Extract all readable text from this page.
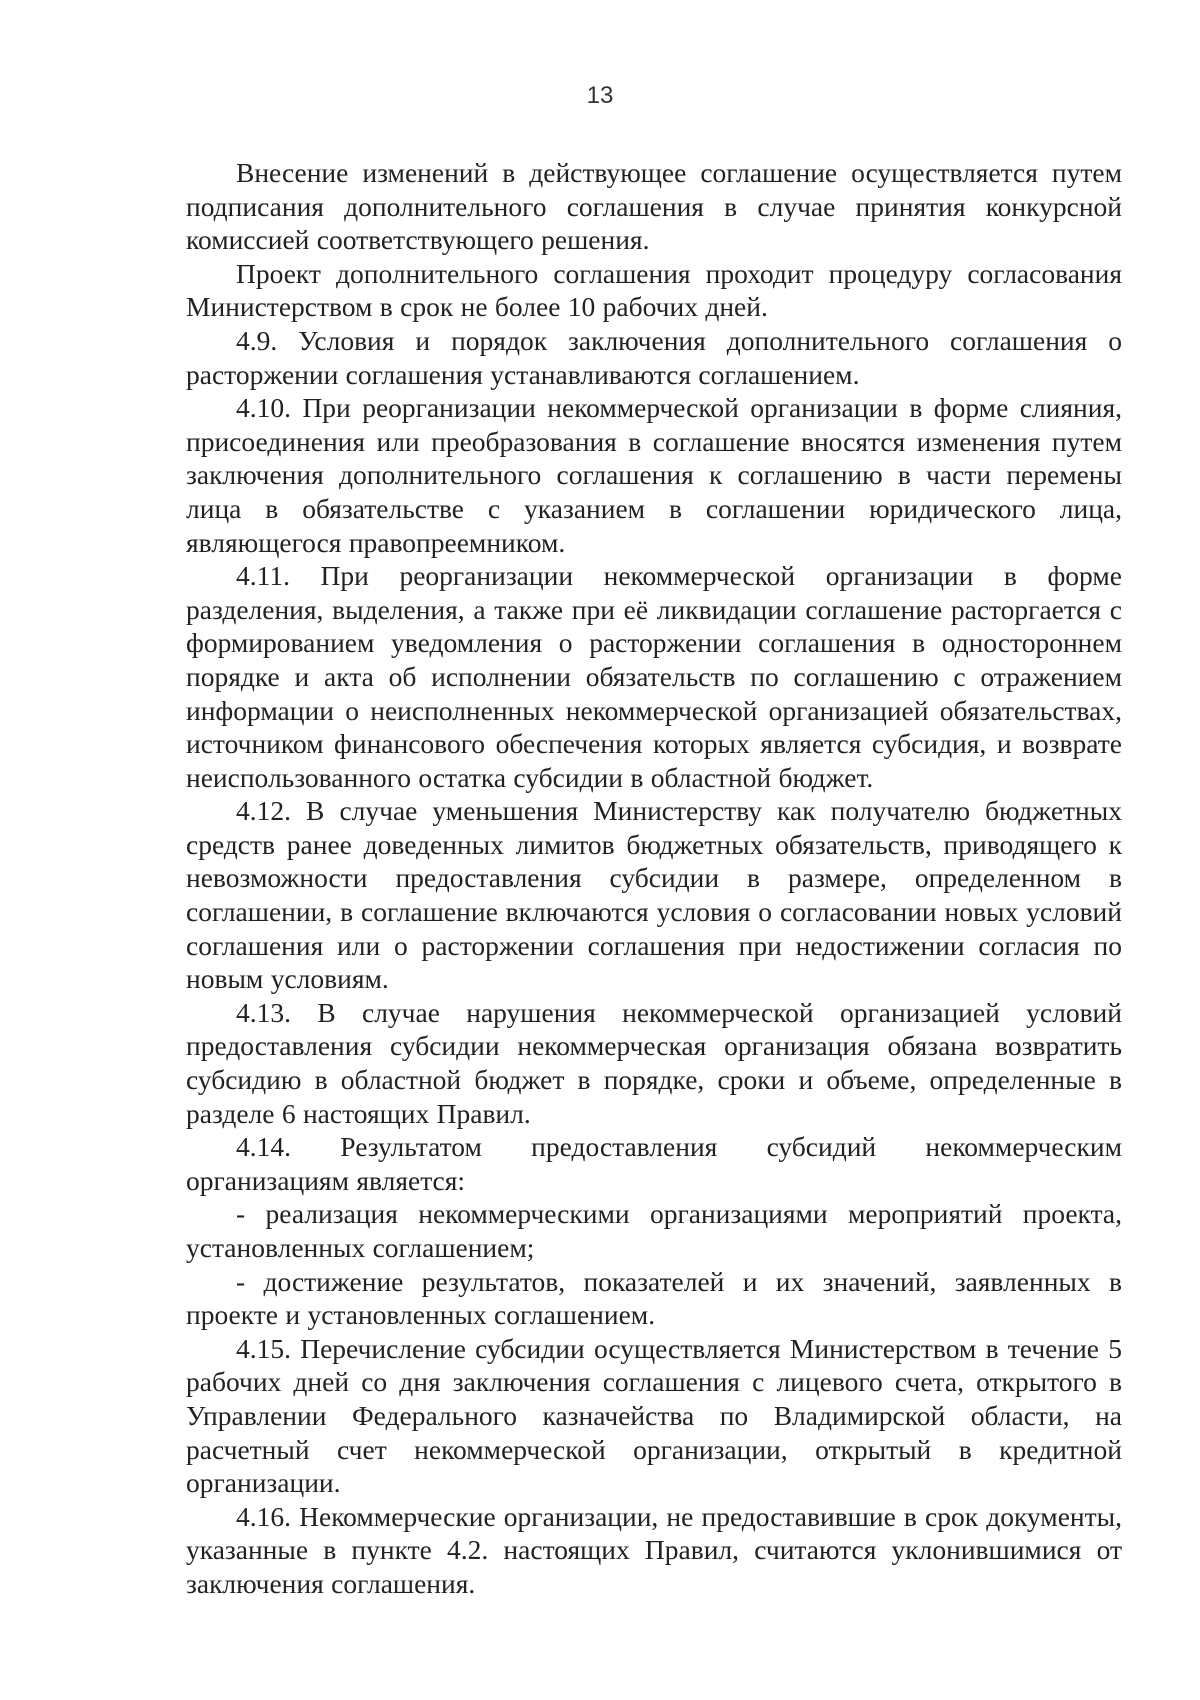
13

Внесение изменений в действующее соглашение осуществляется путем подписания дополнительного соглашения в случае принятия конкурсной комиссией соответствующего решения.

Проект дополнительного соглашения проходит процедуру согласования Министерством в срок не более 10 рабочих дней.

4.9. Условия и порядок заключения дополнительного соглашения о расторжении соглашения устанавливаются соглашением.

4.10. При реорганизации некоммерческой организации в форме слияния, присоединения или преобразования в соглашение вносятся изменения путем заключения дополнительного соглашения к соглашению в части перемены лица в обязательстве с указанием в соглашении юридического лица, являющегося правопреемником.

4.11. При реорганизации некоммерческой организации в форме разделения, выделения, а также при её ликвидации соглашение расторгается с формированием уведомления о расторжении соглашения в одностороннем порядке и акта об исполнении обязательств по соглашению с отражением информации о неисполненных некоммерческой организацией обязательствах, источником финансового обеспечения которых является субсидия, и возврате неиспользованного остатка субсидии в областной бюджет.

4.12. В случае уменьшения Министерству как получателю бюджетных средств ранее доведенных лимитов бюджетных обязательств, приводящего к невозможности предоставления субсидии в размере, определенном в соглашении, в соглашение включаются условия о согласовании новых условий соглашения или о расторжении соглашения при недостижении согласия по новым условиям.

4.13. В случае нарушения некоммерческой организацией условий предоставления субсидии некоммерческая организация обязана возвратить субсидию в областной бюджет в порядке, сроки и объеме, определенные в разделе 6 настоящих Правил.

4.14. Результатом предоставления субсидий некоммерческим организациям является:

- реализация некоммерческими организациями мероприятий проекта, установленных соглашением;

- достижение результатов, показателей и их значений, заявленных в проекте и установленных соглашением.

4.15. Перечисление субсидии осуществляется Министерством в течение 5 рабочих дней со дня заключения соглашения с лицевого счета, открытого в Управлении Федерального казначейства по Владимирской области, на расчетный счет некоммерческой организации, открытый в кредитной организации.

4.16. Некоммерческие организации, не предоставившие в срок документы, указанные в пункте 4.2. настоящих Правил, считаются уклонившимися от заключения соглашения.
